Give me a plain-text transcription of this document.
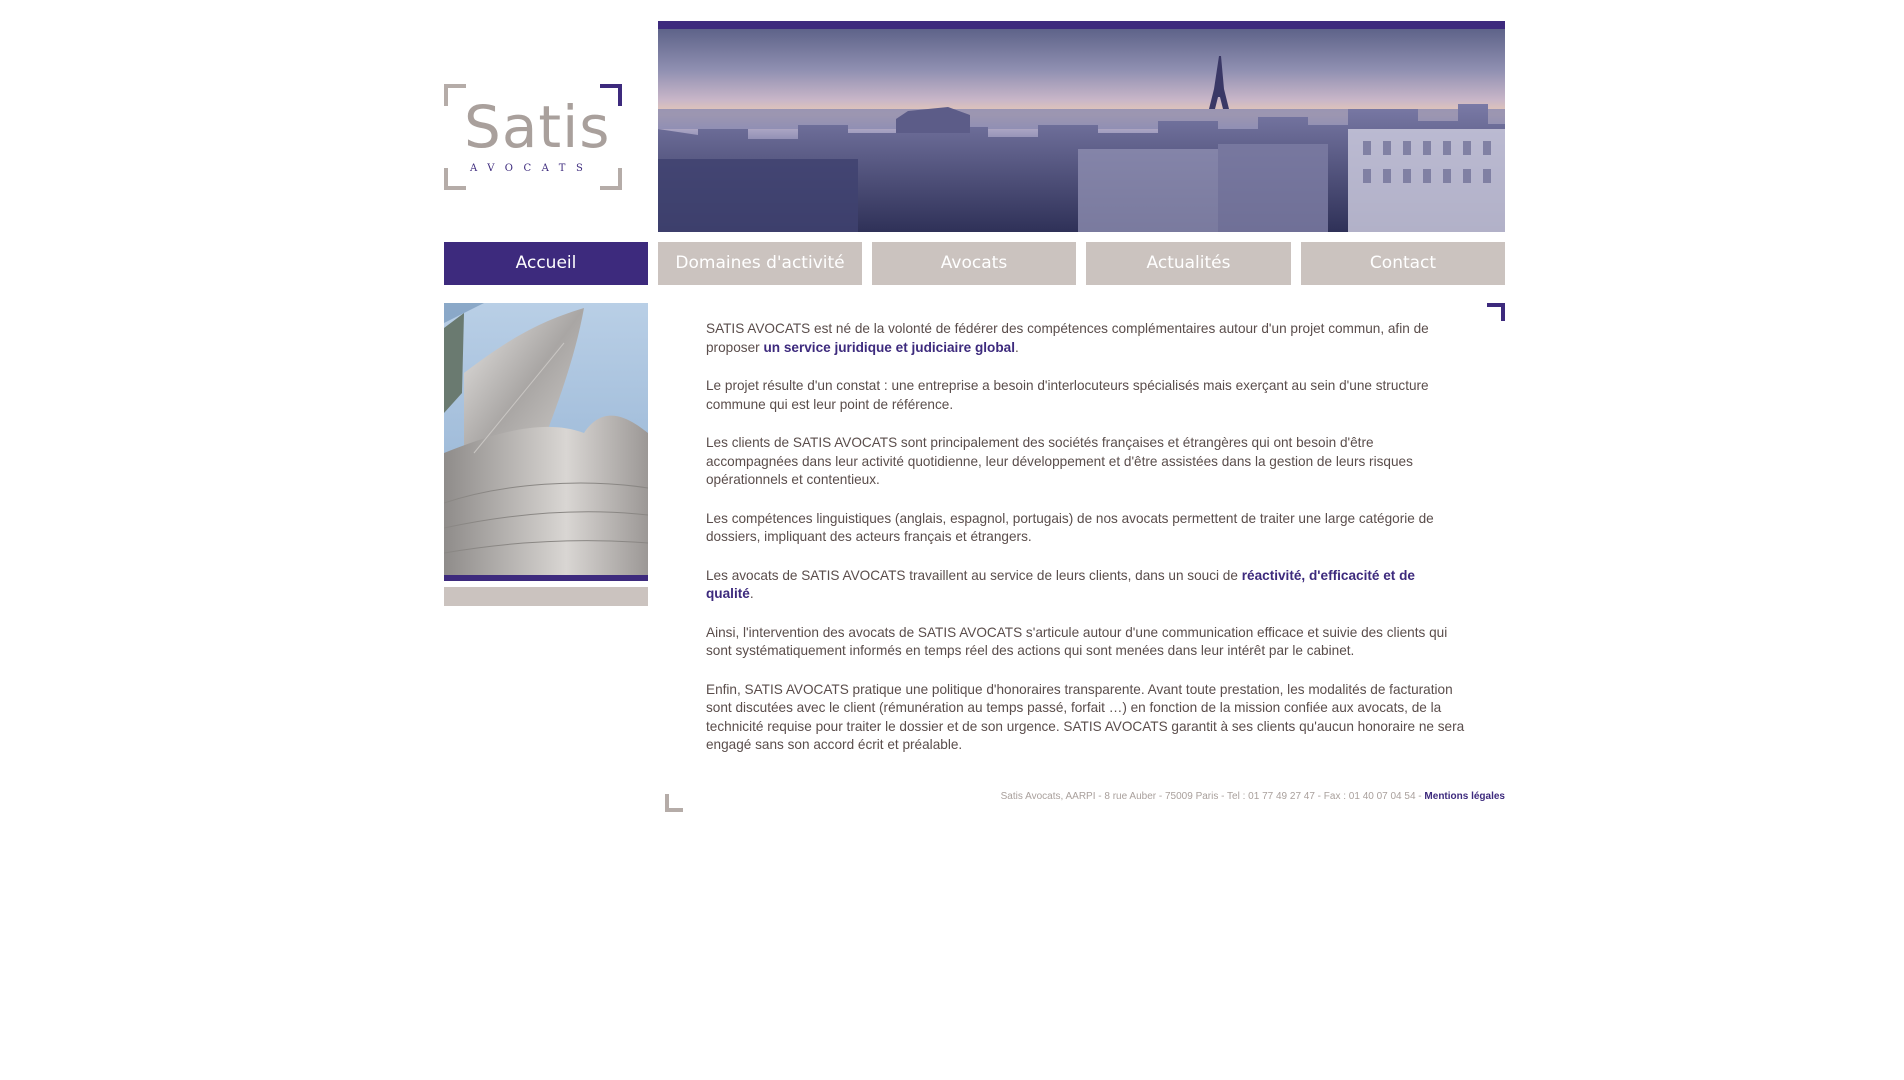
Satis
AVOCATS
Accueil	Domaines d'activité	Avocats	Actualités	Contact

SATIS AVOCATS est né de la volonté de fédérer des compétences complémentaires autour d'un projet commun, afin de proposer un service juridique et judiciaire global.

Le projet résulte d'un constat : une entreprise a besoin d'interlocuteurs spécialisés mais exerçant au sein d'une structure commune qui est leur point de référence.

Les clients de SATIS AVOCATS sont principalement des sociétés françaises et étrangères qui ont besoin d'être accompagnées dans leur activité quotidienne, leur développement et d'être assistées dans la gestion de leurs risques opérationnels et contentieux.

Les compétences linguistiques (anglais, espagnol, portugais) de nos avocats permettent de traiter une large catégorie de dossiers, impliquant des acteurs français et étrangers.

Les avocats de SATIS AVOCATS travaillent au service de leurs clients, dans un souci de réactivité, d'efficacité et de qualité.

Ainsi, l'intervention des avocats de SATIS AVOCATS s'articule autour d'une communication efficace et suivie des clients qui sont systématiquement informés en temps réel des actions qui sont menées dans leur intérêt par le cabinet.

Enfin, SATIS AVOCATS pratique une politique d'honoraires transparente. Avant toute prestation, les modalités de facturation sont discutées avec le client (rémunération au temps passé, forfait …) en fonction de la mission confiée aux avocats, de la technicité requise pour traiter le dossier et de son urgence. SATIS AVOCATS garantit à ses clients qu'aucun honoraire ne sera engagé sans son accord écrit et préalable.

Satis Avocats, AARPI - 8 rue Auber - 75009 Paris - Tel : 01 77 49 27 47 - Fax : 01 40 07 04 54 - Mentions légales
